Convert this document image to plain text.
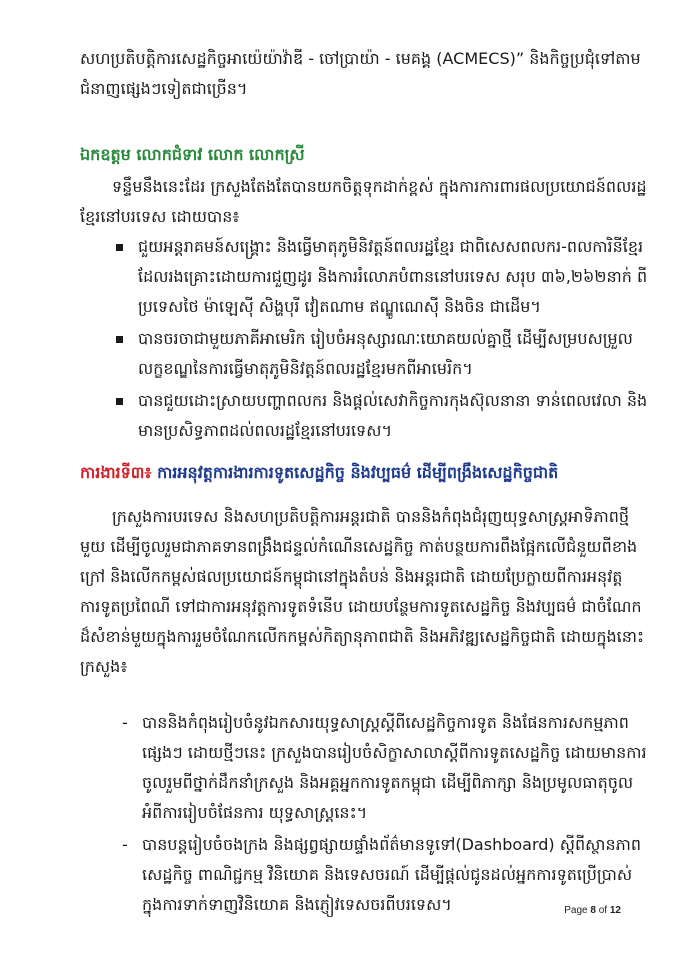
សហប្រតិបត្តិការសេដ្ឋកិច្ចអាយ៉េយ៉ាវ៉ាឌី - ចៅប្រាយ៉ា - មេគង្គ (ACMECS)” និងកិច្ចប្រជុំទៅតាមជំនាញផ្សេងៗទៀតជាច្រើន។

ឯកឧត្តម លោកជំទាវ លោក លោកស្រី

ទន្ទឹមនឹងនេះដែរ ក្រសួងតែងតែបានយកចិត្តទុកដាក់ខ្ពស់ ក្នុងការការពារផលប្រយោជន៍ពលរដ្ឋខ្មែរនៅបរទេស ដោយបាន៖

ជួយអន្តរាគមន៍សង្គ្រោះ និងធ្វើមាតុភូមិនិវត្តន៍ពលរដ្ឋខ្មែរ ជាពិសេសពលករ-ពលការិនីខ្មែរ ដែលរងគ្រោះដោយការជួញដូរ និងការរំលោភបំពាននៅបរទេស សរុប ៣៦,២៦២នាក់ ពីប្រទេសថៃ ម៉ាឡេស៊ី សិង្ហបុរី វៀតណាម ឥណ្ឌូណេស៊ី និងចិន ជាដើម។
បានចរចាជាមួយភាគីអាមេរិក រៀបចំអនុស្សារណៈយោគយល់គ្នាថ្មី ដើម្បីសម្របសម្រួលលក្ខខណ្ឌនៃការធ្វើមាតុភូមិនិវត្តន៍ពលរដ្ឋខ្មែរមកពីអាមេរិក។
បានជួយដោះស្រាយបញ្ហាពលករ និងផ្តល់សេវាកិច្ចការកុងស៊ុលនានា ទាន់ពេលវេលា និងមានប្រសិទ្ធភាពដល់ពលរដ្ឋខ្មែរនៅបរទេស។

ការងារទី៣៖ ការអនុវត្តការងារការទូតសេដ្ឋកិច្ច និងវប្បធម៌ ដើម្បីពង្រឹងសេដ្ឋកិច្ចជាតិ

ក្រសួងការបរទេស និងសហប្រតិបត្តិការអន្តរជាតិ បាននិងកំពុងជំរុញយុទ្ធសាស្ត្រអាទិភាពថ្មីមួយ ដើម្បីចូលរួមជាភាគទានពង្រឹងជន្ទល់កំណើនសេដ្ឋកិច្ច កាត់បន្ថយការពឹងផ្អែកលើជំនួយពីខាងក្រៅ និងលើកកម្ពស់ផលប្រយោជន៍កម្ពុជានៅក្នុងតំបន់ និងអន្តរជាតិ ដោយប្រែក្លាយពីការអនុវត្តការទូតប្រពៃណី ទៅជាការអនុវត្តការទូតទំនើប ដោយបន្ថែមការទូតសេដ្ឋកិច្ច និងវប្បធម៌ ជាចំណែកដ៏សំខាន់មួយក្នុងការរួមចំណែកលើកកម្ពស់កិត្យានុភាពជាតិ និងអភិវឌ្ឍសេដ្ឋកិច្ចជាតិ ដោយក្នុងនោះ ក្រសួង៖

- បាននិងកំពុងរៀបចំនូវឯកសារយុទ្ធសាស្ត្រស្តីពីសេដ្ឋកិច្ចការទូត និងផែនការសកម្មភាពផ្សេងៗ ដោយថ្មីៗនេះ ក្រសួងបានរៀបចំសិក្ខាសាលាស្តីពីការទូតសេដ្ឋកិច្ច ដោយមានការចូលរួមពីថ្នាក់ដឹកនាំក្រសួង និងអគ្គអ្នកការទូតកម្ពុជា ដើម្បីពិភាក្សា និងប្រមូលធាតុចូលអំពីការរៀបចំផែនការ យុទ្ធសាស្ត្រនេះ។
- បានបន្តរៀបចំចងក្រង និងផ្សព្វផ្សាយផ្ទាំងព័ត៌មានទូទៅ(Dashboard) ស្តីពីស្ថានភាពសេដ្ឋកិច្ច ពាណិជ្ជកម្ម វិនិយោគ និងទេសចរណ៍ ដើម្បីផ្តល់ជូនដល់អ្នកការទូតប្រើប្រាស់ក្នុងការទាក់ទាញវិនិយោគ និងភ្ញៀវទេសចរពីបរទេស។	Page 8 of 12
